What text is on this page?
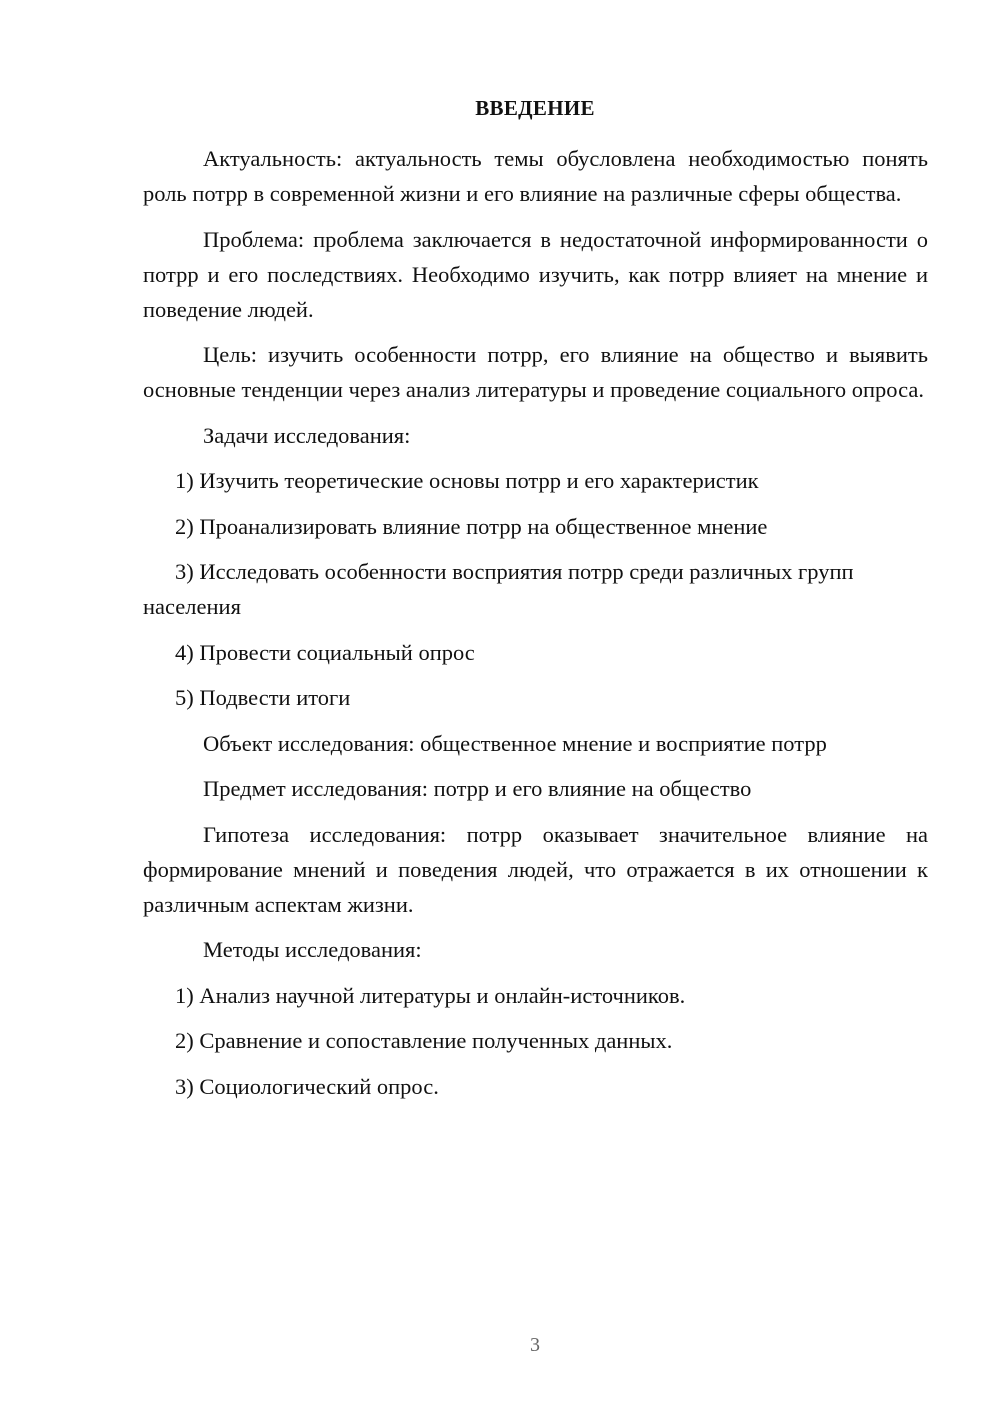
ВВЕДЕНИЕ

Актуальность: актуальность темы обусловлена необходимостью понять роль потрр в современной жизни и его влияние на различные сферы общества.

Проблема: проблема заключается в недостаточной информированности о потрр и его последствиях. Необходимо изучить, как потрр влияет на мнение и поведение людей.

Цель: изучить особенности потрр, его влияние на общество и выявить основные тенденции через анализ литературы и проведение социального опроса.

Задачи исследования:

1) Изучить теоретические основы потрр и его характеристик

2) Проанализировать влияние потрр на общественное мнение

3) Исследовать особенности восприятия потрр среди различных групп населения

4) Провести социальный опрос

5) Подвести итоги

Объект исследования: общественное мнение и восприятие потрр

Предмет исследования: потрр и его влияние на общество

Гипотеза исследования: потрр оказывает значительное влияние на формирование мнений и поведения людей, что отражается в их отношении к различным аспектам жизни.

Методы исследования:

1) Анализ научной литературы и онлайн-источников.

2) Сравнение и сопоставление полученных данных.

3) Социологический опрос.

3
